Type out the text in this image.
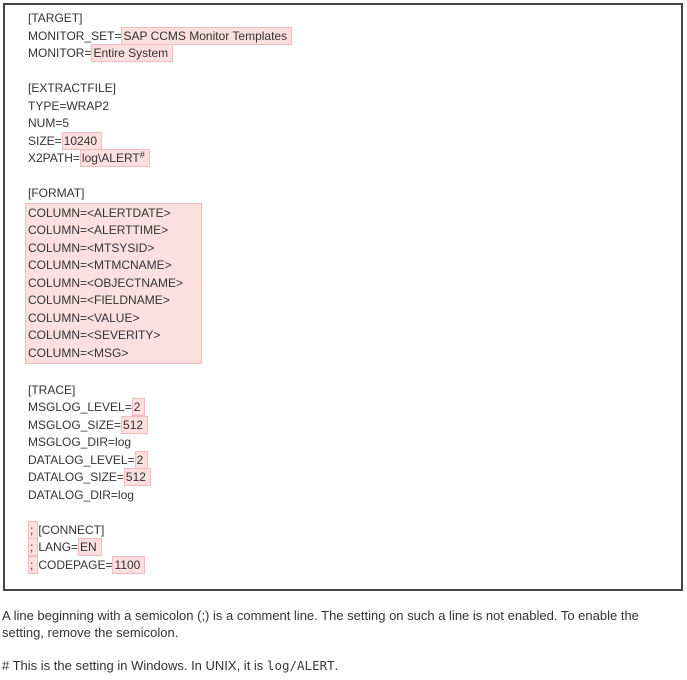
[TARGET]
MONITOR_SET= SAP CCMS Monitor Templates
MONITOR= Entire System
[EXTRACTFILE]
TYPE=WRAP2
NUM=5
SIZE= 10240
X2PATH= log\ALERT#
[FORMAT]
COLUMN=<ALERTDATE>
COLUMN=<ALERTTIME>
COLUMN=<MTSYSID>
COLUMN=<MTMCNAME>
COLUMN=<OBJECTNAME>
COLUMN=<FIELDNAME>
COLUMN=<VALUE>
COLUMN=<SEVERITY>
COLUMN=<MSG>
[TRACE]
MSGLOG_LEVEL= 2
MSGLOG_SIZE= 512
MSGLOG_DIR=log
DATALOG_LEVEL= 2
DATALOG_SIZE= 512
DATALOG_DIR=log
; [CONNECT]
; LANG= EN
; CODEPAGE= 1100

A line beginning with a semicolon (;) is a comment line. The setting on such a line is not enabled. To enable the setting, remove the semicolon.

# This is the setting in Windows. In UNIX, it is log/ALERT.
